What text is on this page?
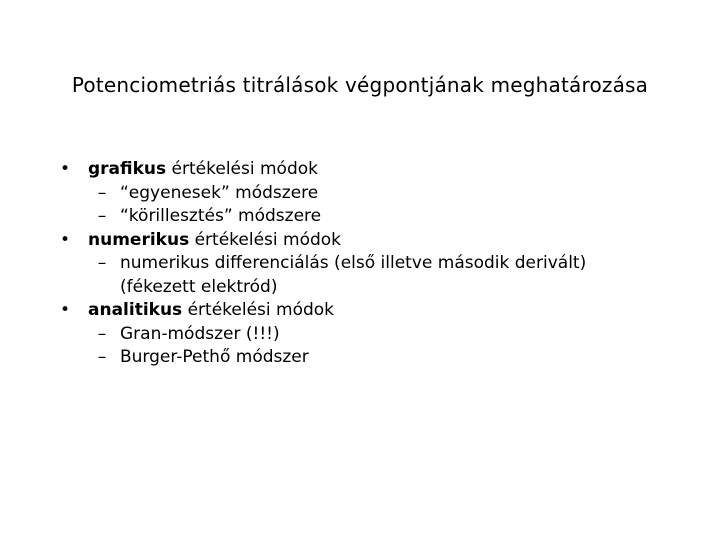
Potenciometriás titrálások végpontjának meghatározása
• grafikus értékelési módok
– “egyenesek” módszere
– “körillesztés” módszere
• numerikus értékelési módok
– numerikus differenciálás (első illetve második derivált)
(fékezett elektród)
• analitikus értékelési módok
– Gran-módszer (!!!)
– Burger-Pethő módszer
